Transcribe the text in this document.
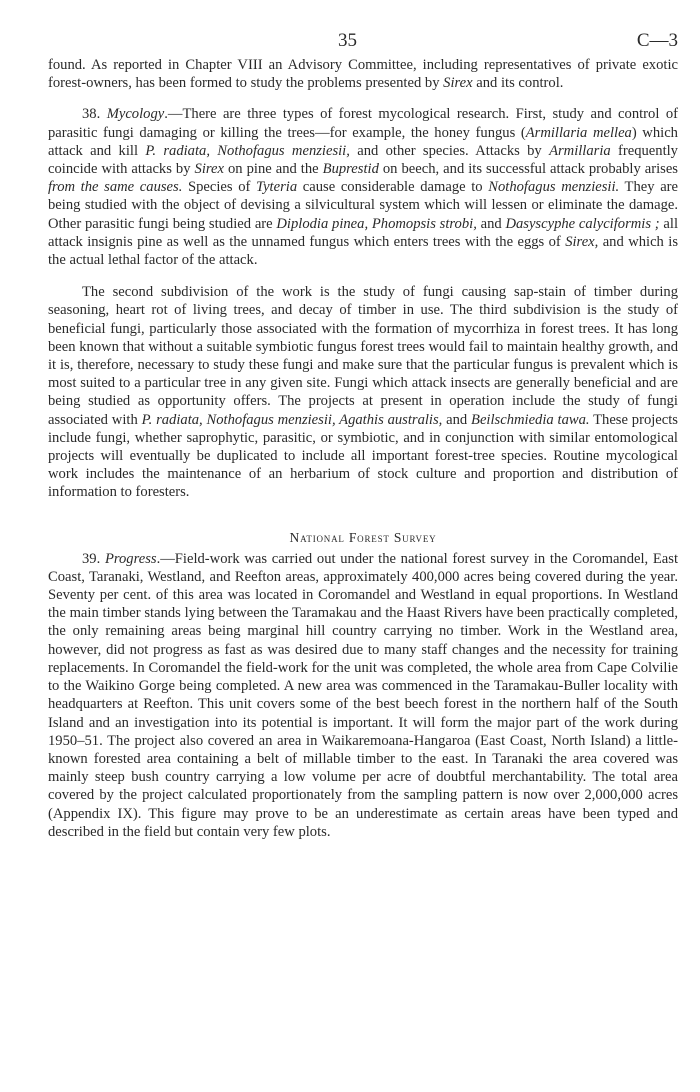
35	C—3

found. As reported in Chapter VIII an Advisory Committee, including representatives of private exotic forest-owners, has been formed to study the problems presented by Sirex and its control.

38. Mycology.—There are three types of forest mycological research. First, study and control of parasitic fungi damaging or killing the trees—for example, the honey fungus (Armillaria mellea) which attack and kill P. radiata, Nothofagus menziesii, and other species. Attacks by Armillaria frequently coincide with attacks by Sirex on pine and the Buprestid on beech, and its successful attack probably arises from the same causes. Species of Tyteria cause considerable damage to Nothofagus menziesii. They are being studied with the object of devising a silvicultural system which will lessen or eliminate the damage. Other parasitic fungi being studied are Diplodia pinea, Phomopsis strobi, and Dasyscyphe calyciformis ; all attack insignis pine as well as the unnamed fungus which enters trees with the eggs of Sirex, and which is the actual lethal factor of the attack.

The second subdivision of the work is the study of fungi causing sap-stain of timber during seasoning, heart rot of living trees, and decay of timber in use. The third subdivision is the study of beneficial fungi, particularly those associated with the formation of mycorrhiza in forest trees. It has long been known that without a suitable symbiotic fungus forest trees would fail to maintain healthy growth, and it is, therefore, necessary to study these fungi and make sure that the particular fungus is prevalent which is most suited to a particular tree in any given site. Fungi which attack insects are generally beneficial and are being studied as opportunity offers. The projects at present in operation include the study of fungi associated with P. radiata, Nothofagus menziesii, Agathis australis, and Beilschmiedia tawa. These projects include fungi, whether saprophytic, parasitic, or symbiotic, and in conjunction with similar entomological projects will eventually be duplicated to include all important forest-tree species. Routine mycological work includes the maintenance of an herbarium of stock culture and proportion and distribution of information to foresters.

National Forest Survey

39. Progress.—Field-work was carried out under the national forest survey in the Coromandel, East Coast, Taranaki, Westland, and Reefton areas, approximately 400,000 acres being covered during the year. Seventy per cent. of this area was located in Coromandel and Westland in equal proportions. In Westland the main timber stands lying between the Taramakau and the Haast Rivers have been practically completed, the only remaining areas being marginal hill country carrying no timber. Work in the Westland area, however, did not progress as fast as was desired due to many staff changes and the necessity for training replacements. In Coromandel the field-work for the unit was completed, the whole area from Cape Colvilie to the Waikino Gorge being completed. A new area was commenced in the Taramakau-Buller locality with headquarters at Reefton. This unit covers some of the best beech forest in the northern half of the South Island and an investigation into its potential is important. It will form the major part of the work during 1950–51. The project also covered an area in Waikaremoana-Hangaroa (East Coast, North Island) a little-known forested area containing a belt of millable timber to the east. In Taranaki the area covered was mainly steep bush country carrying a low volume per acre of doubtful merchantability. The total area covered by the project calculated proportionately from the sampling pattern is now over 2,000,000 acres (Appendix IX). This figure may prove to be an underestimate as certain areas have been typed and described in the field but contain very few plots.
